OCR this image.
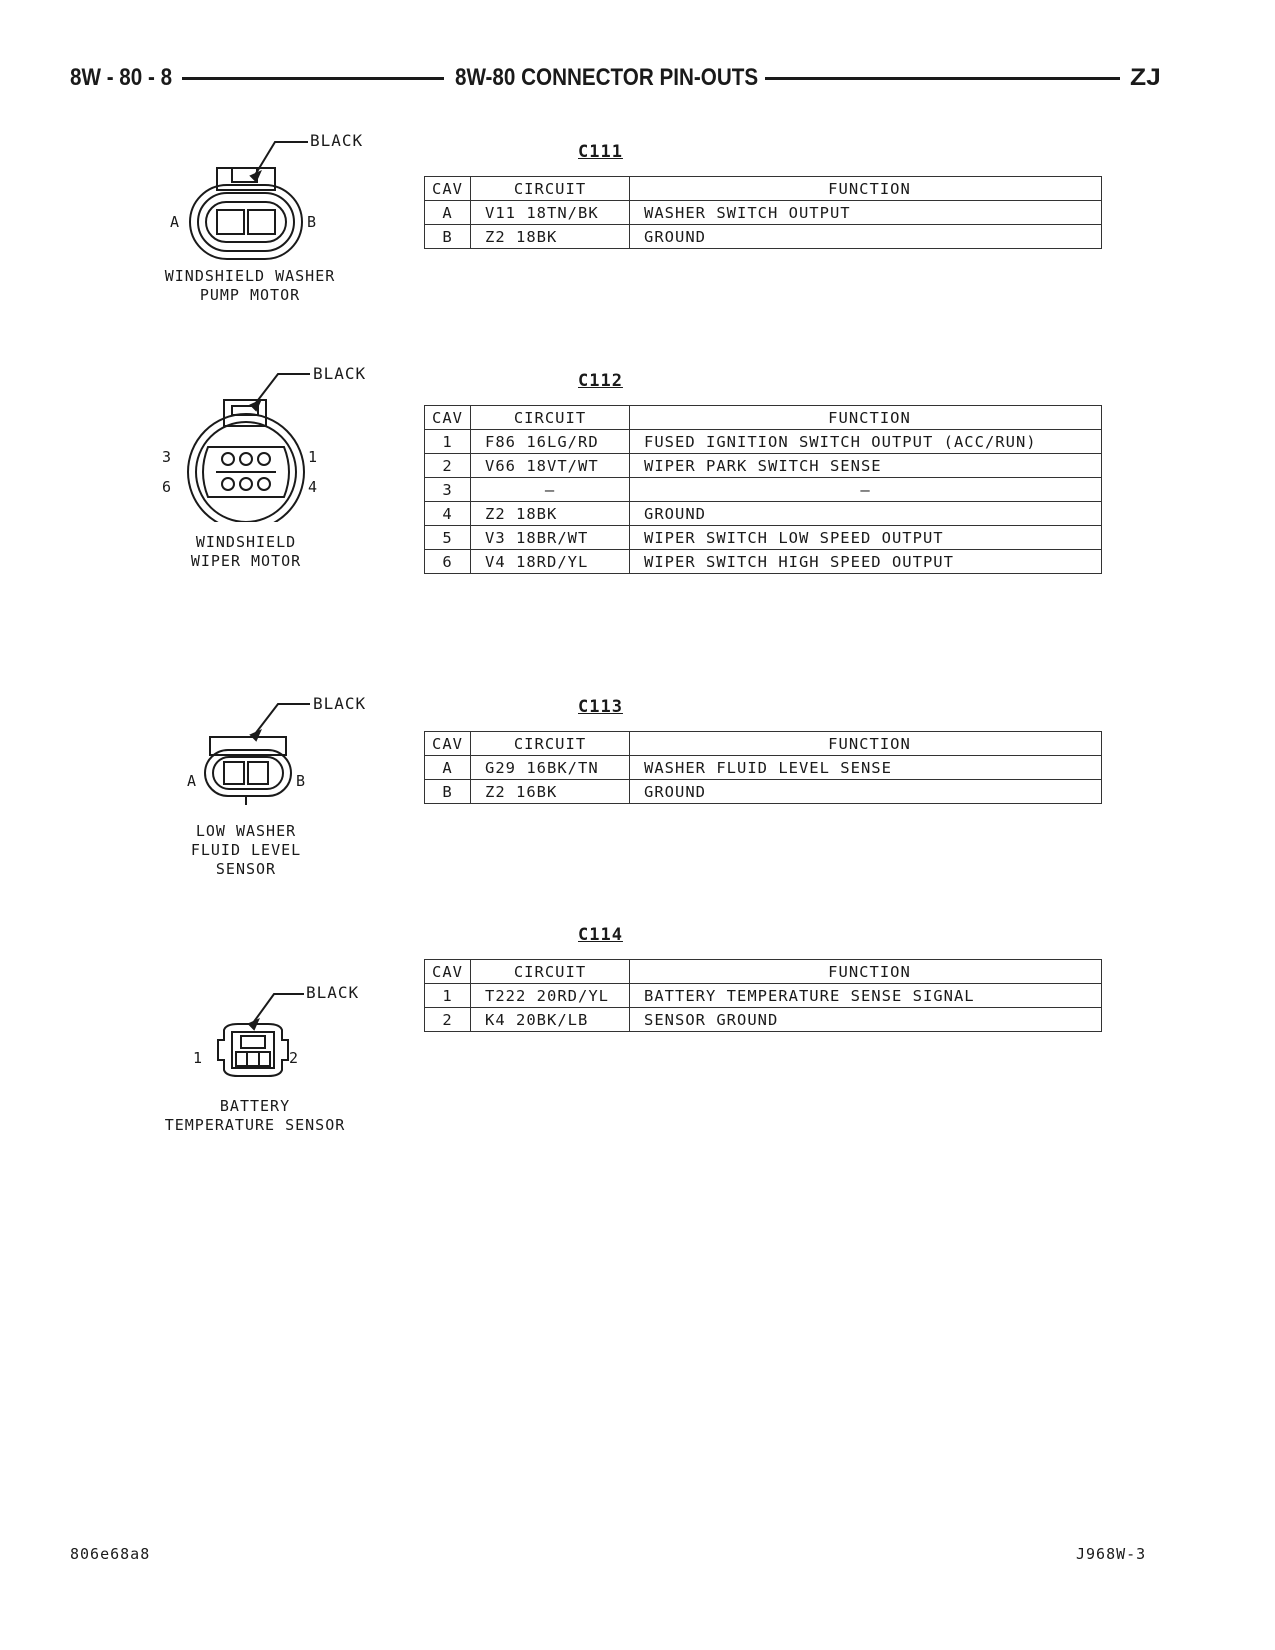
8W - 80 - 8	8W-80 CONNECTOR PIN-OUTS	ZJ
BLACK
A	B
WINDSHIELD WASHER
PUMP MOTOR
C111
CAV	CIRCUIT	FUNCTION
A	V11 18TN/BK	WASHER SWITCH OUTPUT
B	Z2 18BK	GROUND
BLACK
3	1
6	4
WINDSHIELD
WIPER MOTOR
C112
CAV	CIRCUIT	FUNCTION
1	F86 16LG/RD	FUSED IGNITION SWITCH OUTPUT (ACC/RUN)
2	V66 18VT/WT	WIPER PARK SWITCH SENSE
3	–	–
4	Z2 18BK	GROUND
5	V3 18BR/WT	WIPER SWITCH LOW SPEED OUTPUT
6	V4 18RD/YL	WIPER SWITCH HIGH SPEED OUTPUT
BLACK
A	B
LOW WASHER
FLUID LEVEL
SENSOR
C113
CAV	CIRCUIT	FUNCTION
A	G29 16BK/TN	WASHER FLUID LEVEL SENSE
B	Z2 16BK	GROUND
BLACK
1	2
BATTERY
TEMPERATURE SENSOR
C114
CAV	CIRCUIT	FUNCTION
1	T222 20RD/YL	BATTERY TEMPERATURE SENSE SIGNAL
2	K4 20BK/LB	SENSOR GROUND
806e68a8	J968W-3
